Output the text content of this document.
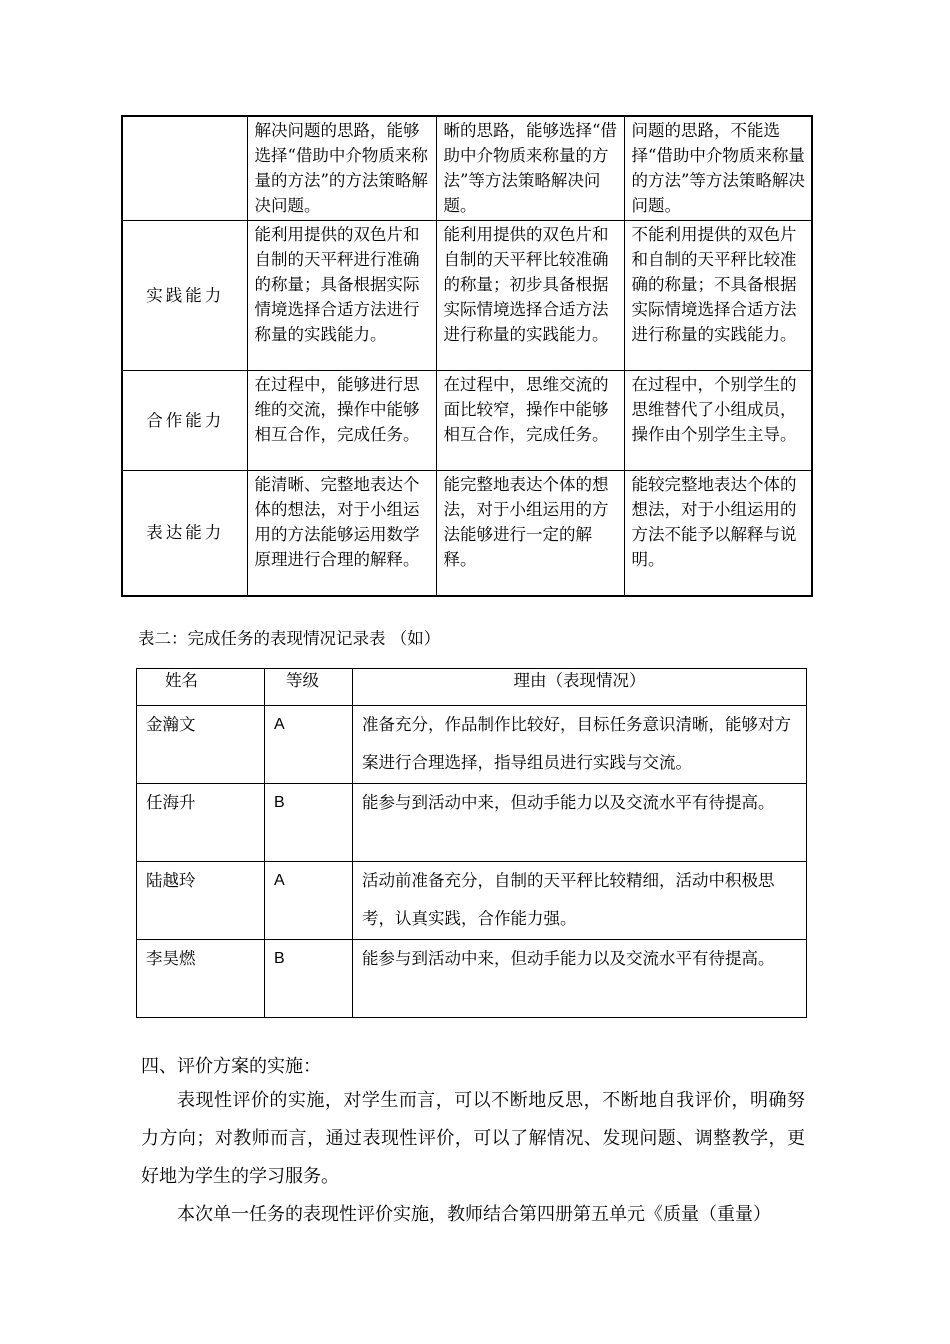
	解决问题的思路，能够选择“借助中介物质来称量的方法”的方法策略解决问题。	晰的思路，能够选择“借助中介物质来称量的方法”等方法策略解决问题。	问题的思路，不能选择“借助中介物质来称量的方法”等方法策略解决问题。
实践能力	能利用提供的双色片和自制的天平秤进行准确的称量；具备根据实际情境选择合适方法进行称量的实践能力。	能利用提供的双色片和自制的天平秤比较准确的称量；初步具备根据实际情境选择合适方法进行称量的实践能力。	不能利用提供的双色片和自制的天平秤比较准确的称量；不具备根据实际情境选择合适方法进行称量的实践能力。
合作能力	在过程中，能够进行思维的交流，操作中能够相互合作，完成任务。	在过程中，思维交流的面比较窄，操作中能够相互合作，完成任务。	在过程中，个别学生的思维替代了小组成员，操作由个别学生主导。
表达能力	能清晰、完整地表达个体的想法，对于小组运用的方法能够运用数学原理进行合理的解释。	能完整地表达个体的想法，对于小组运用的方法能够进行一定的解释。	能较完整地表达个体的想法，对于小组运用的方法不能予以解释与说明。
表二：完成任务的表现情况记录表 （如）
姓名	等级	理由（表现情况）
金瀚文	A	准备充分，作品制作比较好，目标任务意识清晰，能够对方案进行合理选择，指导组员进行实践与交流。
任海升	B	能参与到活动中来，但动手能力以及交流水平有待提高。
陆越玲	A	活动前准备充分，自制的天平秤比较精细，活动中积极思考，认真实践，合作能力强。
李昊燃	B	能参与到活动中来，但动手能力以及交流水平有待提高。

四、评价方案的实施：

表现性评价的实施，对学生而言，可以不断地反思，不断地自我评价，明确努力方向；对教师而言，通过表现性评价，可以了解情况、发现问题、调整教学，更好地为学生的学习服务。

本次单一任务的表现性评价实施，教师结合第四册第五单元《质量（重量）
